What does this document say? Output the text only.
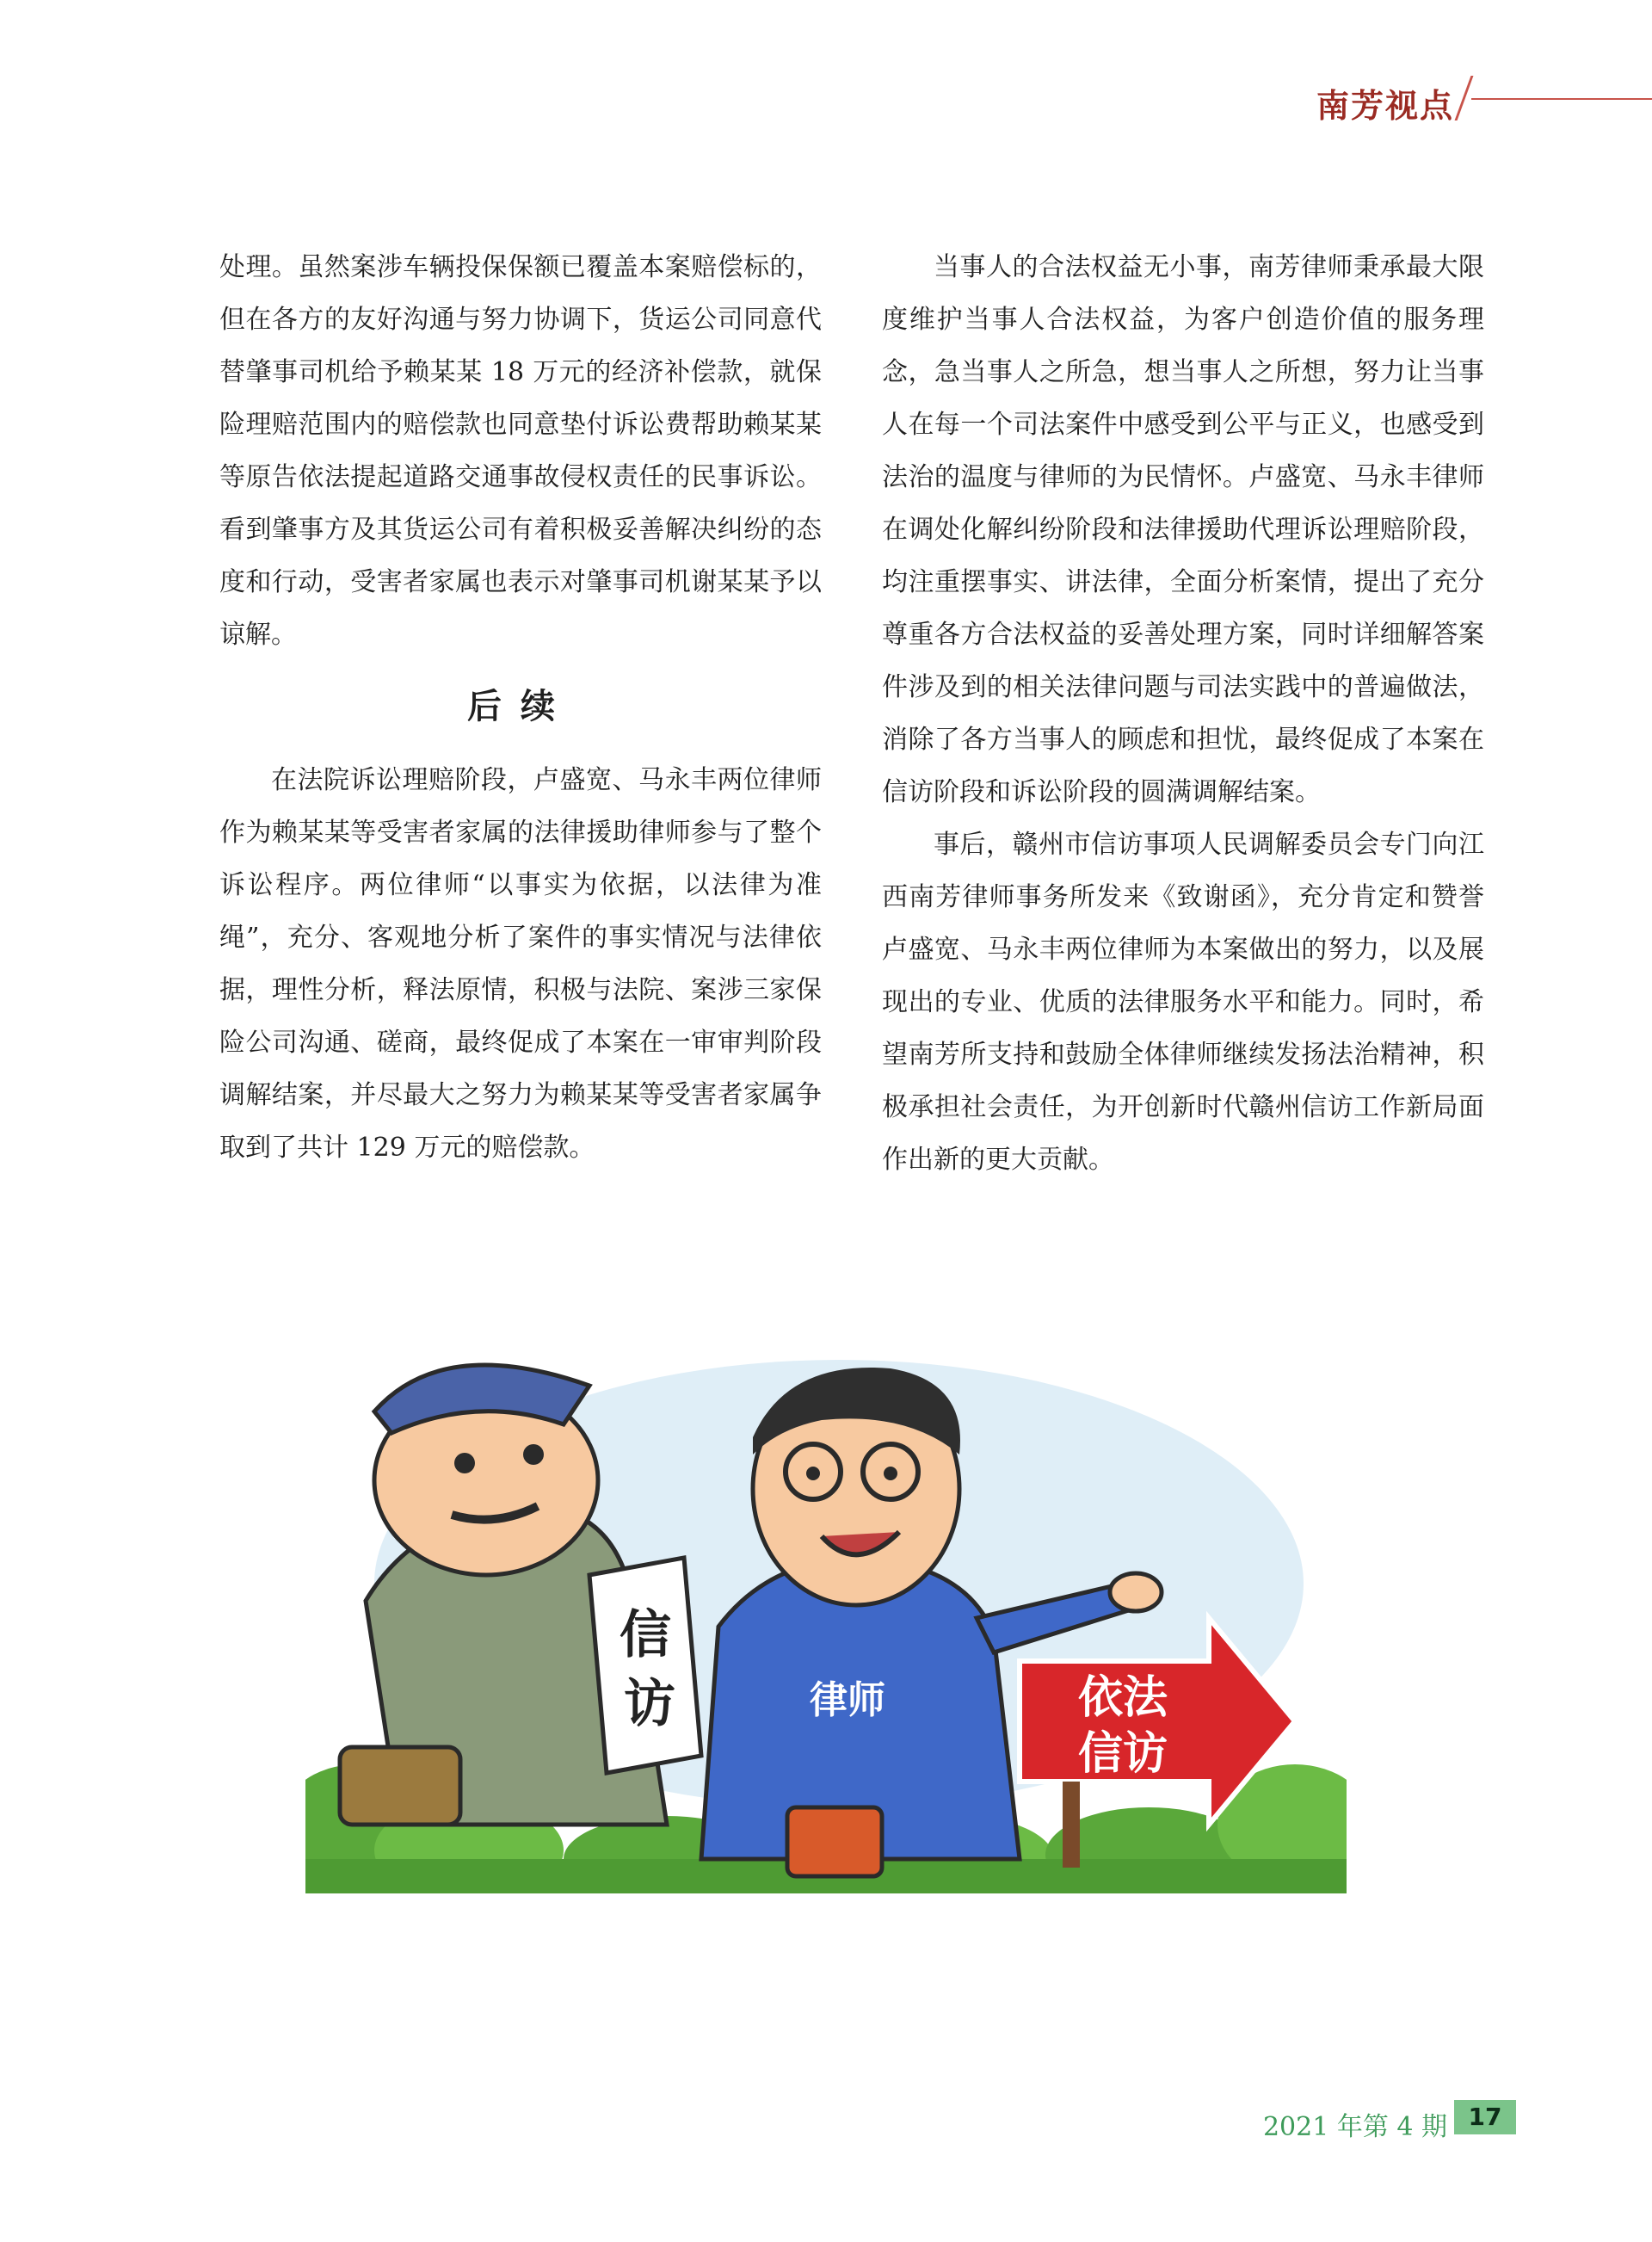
南芳视点

处理。虽然案涉车辆投保保额已覆盖本案赔偿标的，但在各方的友好沟通与努力协调下，货运公司同意代替肇事司机给予赖某某 18 万元的经济补偿款，就保险理赔范围内的赔偿款也同意垫付诉讼费帮助赖某某等原告依法提起道路交通事故侵权责任的民事诉讼。看到肇事方及其货运公司有着积极妥善解决纠纷的态度和行动，受害者家属也表示对肇事司机谢某某予以谅解。

后续

在法院诉讼理赔阶段，卢盛宽、马永丰两位律师作为赖某某等受害者家属的法律援助律师参与了整个诉讼程序。两位律师“以事实为依据，以法律为准绳”，充分、客观地分析了案件的事实情况与法律依据，理性分析，释法原情，积极与法院、案涉三家保险公司沟通、磋商，最终促成了本案在一审审判阶段调解结案，并尽最大之努力为赖某某等受害者家属争取到了共计 129 万元的赔偿款。

当事人的合法权益无小事，南芳律师秉承最大限度维护当事人合法权益，为客户创造价值的服务理念，急当事人之所急，想当事人之所想，努力让当事人在每一个司法案件中感受到公平与正义，也感受到法治的温度与律师的为民情怀。卢盛宽、马永丰律师在调处化解纠纷阶段和法律援助代理诉讼理赔阶段，均注重摆事实、讲法律，全面分析案情，提出了充分尊重各方合法权益的妥善处理方案，同时详细解答案件涉及到的相关法律问题与司法实践中的普遍做法，消除了各方当事人的顾虑和担忧，最终促成了本案在信访阶段和诉讼阶段的圆满调解结案。

事后，赣州市信访事项人民调解委员会专门向江西南芳律师事务所发来《致谢函》，充分肯定和赞誉卢盛宽、马永丰两位律师为本案做出的努力，以及展现出的专业、优质的法律服务水平和能力。同时，希望南芳所支持和鼓励全体律师继续发扬法治精神，积极承担社会责任，为开创新时代赣州信访工作新局面作出新的更大贡献。

信
访	律师	依法
信访
2021 年第 4 期 17
